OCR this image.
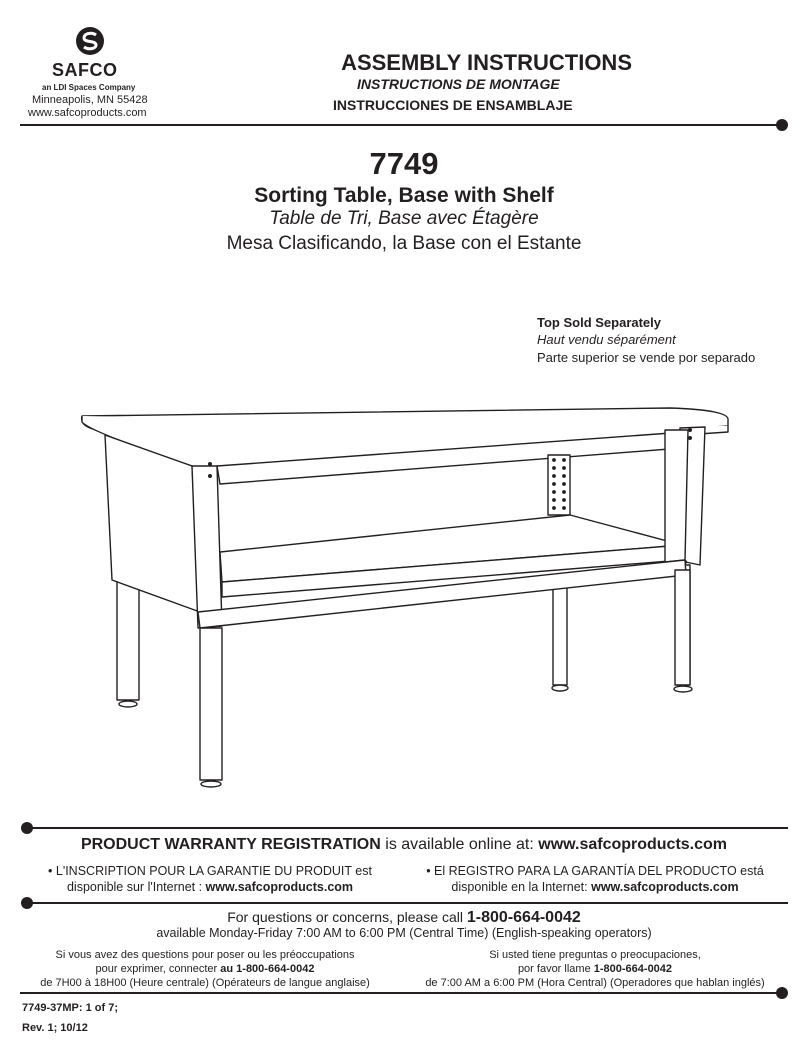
SAFCO
an LDI Spaces Company
Minneapolis, MN 55428
www.safcoproducts.com
ASSEMBLY INSTRUCTIONS
INSTRUCTIONS DE MONTAGE
INSTRUCCIONES DE ENSAMBLAJE
7749
Sorting Table, Base with Shelf
Table de Tri, Base avec Étagère
Mesa Clasificando, la Base con el Estante
Top Sold Separately
Haut vendu séparément
Parte superior se vende por separado
PRODUCT WARRANTY REGISTRATION is available online at: www.safcoproducts.com
• L'INSCRIPTION POUR LA GARANTIE DU PRODUIT est
disponible sur l'Internet : www.safcoproducts.com
• El REGISTRO PARA LA GARANTÍA DEL PRODUCTO está
disponible en la Internet: www.safcoproducts.com
For questions or concerns, please call 1-800-664-0042
available Monday-Friday 7:00 AM to 6:00 PM (Central Time) (English-speaking operators)
Si vous avez des questions pour poser ou les préoccupations
pour exprimer, connecter au 1-800-664-0042
de 7H00 à 18H00 (Heure centrale) (Opérateurs de langue anglaise)
Si usted tiene preguntas o preocupaciones,
por favor llame 1-800-664-0042
de 7:00 AM a 6:00 PM (Hora Central) (Operadores que hablan inglés)
7749-37MP: 1 of 7;
Rev. 1; 10/12
